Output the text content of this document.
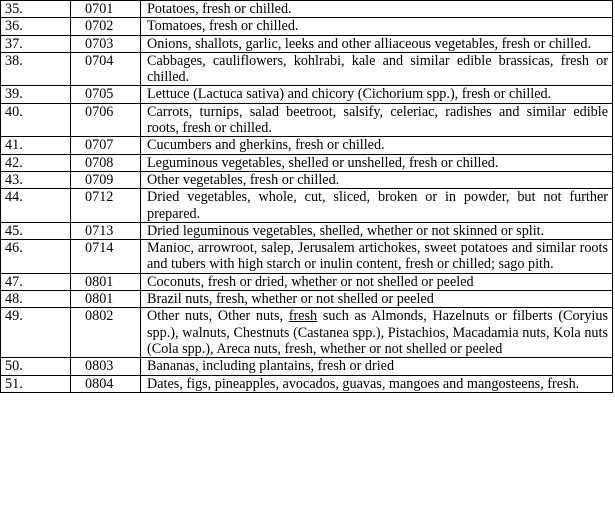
35.	0701	Potatoes, fresh or chilled.
36.	0702	Tomatoes, fresh or chilled.
37.	0703	Onions, shallots, garlic, leeks and other alliaceous vegetables, fresh or chilled.
38.	0704	Cabbages, cauliflowers, kohlrabi, kale and similar edible brassicas, fresh or chilled.
39.	0705	Lettuce (Lactuca sativa) and chicory (Cichorium spp.), fresh or chilled.
40.	0706	Carrots, turnips, salad beetroot, salsify, celeriac, radishes and similar edible roots, fresh or chilled.
41.	0707	Cucumbers and gherkins, fresh or chilled.
42.	0708	Leguminous vegetables, shelled or unshelled, fresh or chilled.
43.	0709	Other vegetables, fresh or chilled.
44.	0712	Dried vegetables, whole, cut, sliced, broken or in powder, but not further prepared.
45.	0713	Dried leguminous vegetables, shelled, whether or not skinned or split.
46.	0714	Manioc, arrowroot, salep, Jerusalem artichokes, sweet potatoes and similar roots and tubers with high starch or inulin content, fresh or chilled; sago pith.
47.	0801	Coconuts, fresh or dried, whether or not shelled or peeled
48.	0801	Brazil nuts, fresh, whether or not shelled or peeled
49.	0802	Other nuts, Other nuts, fresh such as Almonds, Hazelnuts or filberts (Coryius spp.), walnuts, Chestnuts (Castanea spp.), Pistachios, Macadamia nuts, Kola nuts (Cola spp.), Areca nuts, fresh, whether or not shelled or peeled
50.	0803	Bananas, including plantains, fresh or dried
51.	0804	Dates, figs, pineapples, avocados, guavas, mangoes and mangosteens, fresh.
